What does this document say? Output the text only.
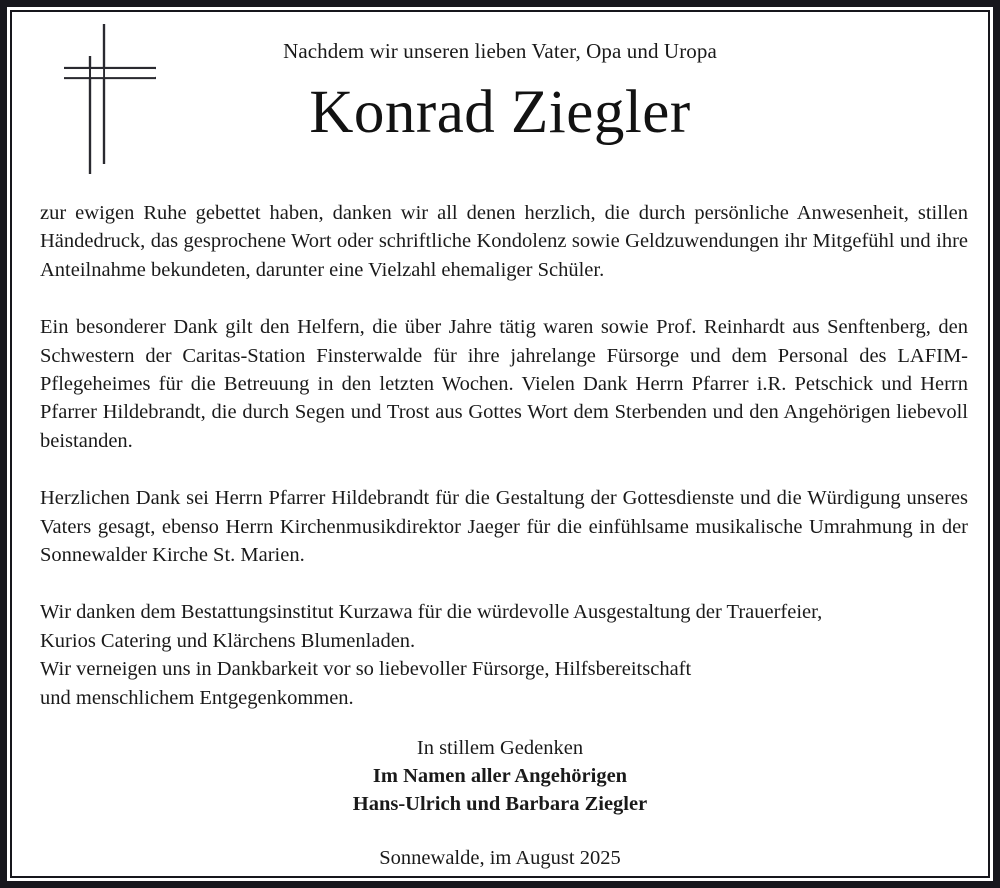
Nachdem wir unseren lieben Vater, Opa und Uropa
Konrad Ziegler

zur ewigen Ruhe gebettet haben, danken wir all denen herzlich, die durch persönliche Anwesenheit, stillen Händedruck, das gesprochene Wort oder schriftliche Kondolenz sowie Geldzuwendungen ihr Mitgefühl und ihre Anteilnahme bekundeten, darunter eine Vielzahl ehemaliger Schüler.

Ein besonderer Dank gilt den Helfern, die über Jahre tätig waren sowie Prof. Reinhardt aus Senftenberg, den Schwestern der Caritas-Station Finsterwalde für ihre jahrelange Fürsorge und dem Personal des LAFIM-Pflegeheimes für die Betreuung in den letzten Wochen. Vielen Dank Herrn Pfarrer i.R. Petschick und Herrn Pfarrer Hildebrandt, die durch Segen und Trost aus Gottes Wort dem Sterbenden und den Angehörigen liebevoll beistanden.

Herzlichen Dank sei Herrn Pfarrer Hildebrandt für die Gestaltung der Gottesdienste und die Würdigung unseres Vaters gesagt, ebenso Herrn Kirchenmusikdirektor Jaeger für die einfühlsame musikalische Umrahmung in der Sonnewalder Kirche St. Marien.

Wir danken dem Bestattungsinstitut Kurzawa für die würdevolle Ausgestaltung der Trauerfeier,
Kurios Catering und Klärchens Blumenladen.
Wir verneigen uns in Dankbarkeit vor so liebevoller Fürsorge, Hilfsbereitschaft
und menschlichem Entgegenkommen.

In stillem Gedenken
Im Namen aller Angehörigen
Hans-Ulrich und Barbara Ziegler
Sonnewalde, im August 2025
